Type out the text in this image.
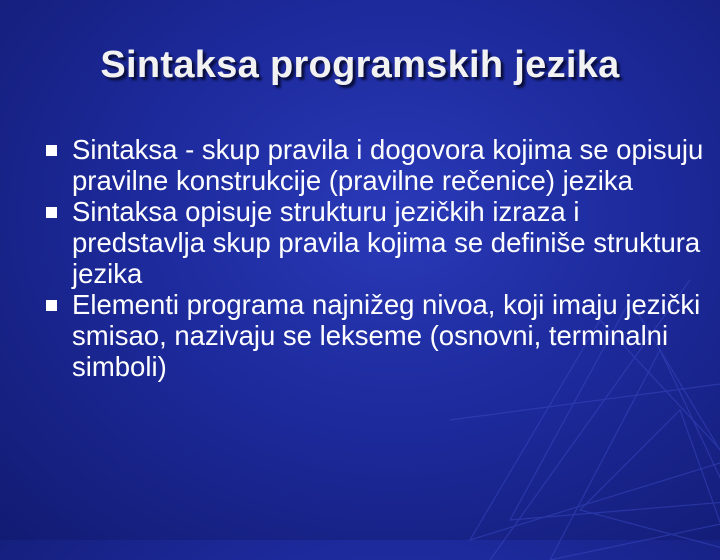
Sintaksa programskih jezika
Sintaksa - skup pravila i dogovora kojima se opisuju pravilne konstrukcije (pravilne rečenice) jezika
Sintaksa opisuje strukturu jezičkih izraza i predstavlja skup pravila kojima se definiše struktura jezika
Elementi programa najnižeg nivoa, koji imaju jezički smisao, nazivaju se lekseme (osnovni, terminalni simboli)
